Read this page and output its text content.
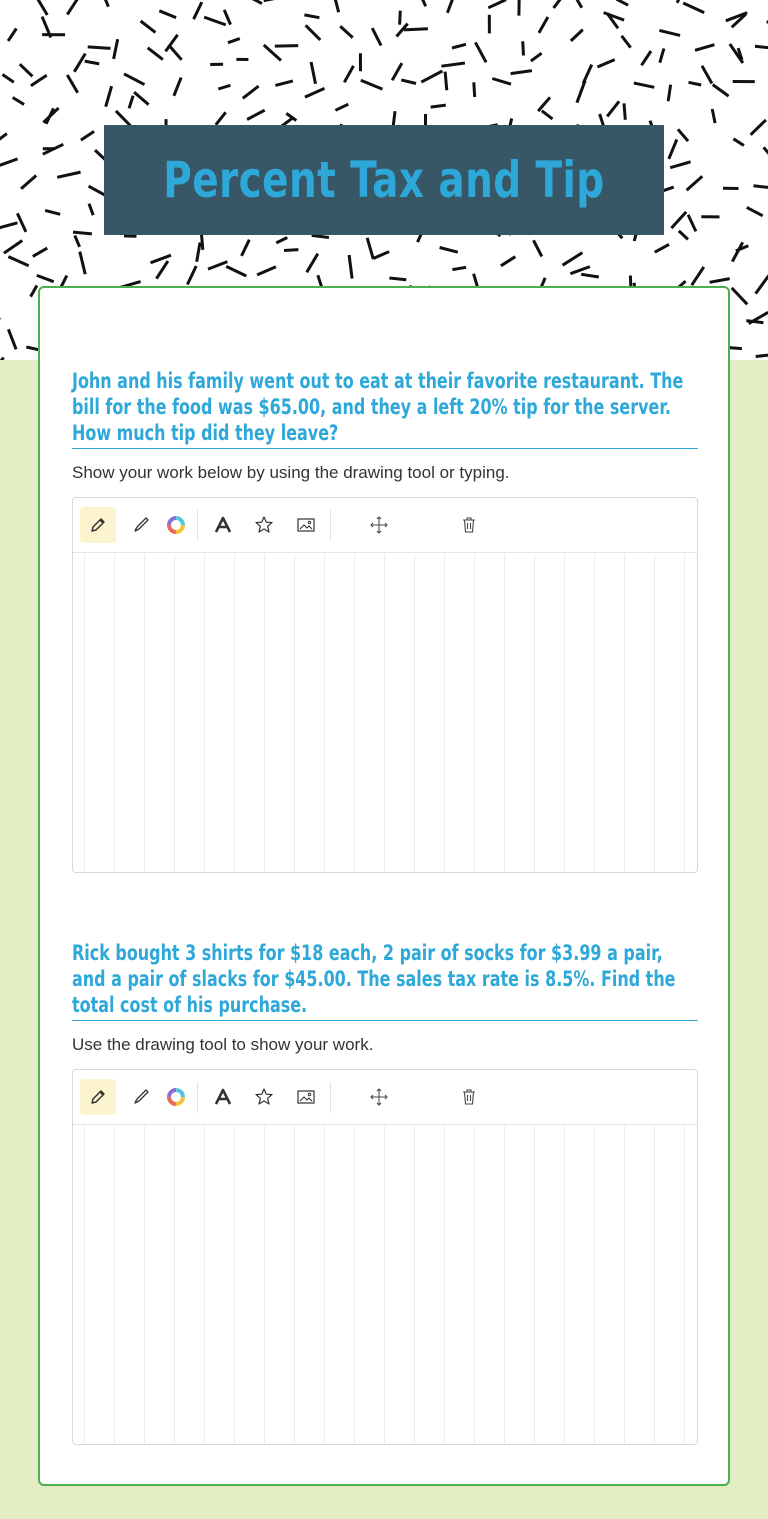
Percent Tax and Tip
John and his family went out to eat at their favorite restaurant. The bill for the food was $65.00, and they a left 20% tip for the server. How much tip did they leave?
Show your work below by using the drawing tool or typing.
Rick bought 3 shirts for $18 each, 2 pair of socks for $3.99 a pair, and a pair of slacks for $45.00. The sales tax rate is 8.5%. Find the total cost of his purchase.
Use the drawing tool to show your work.
